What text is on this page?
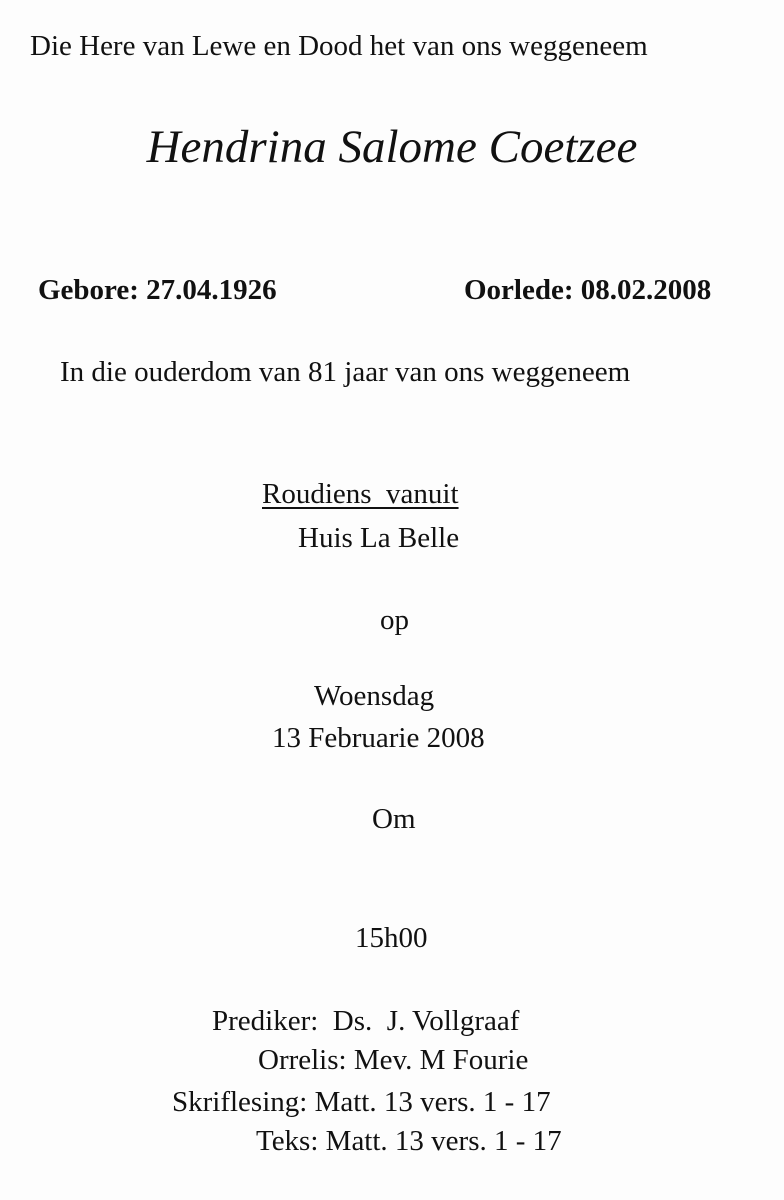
Die Here van Lewe en Dood het van ons weggeneem
Hendrina Salome Coetzee
Gebore: 27.04.1926	Oorlede: 08.02.2008
In die ouderdom van 81 jaar van ons weggeneem
Roudiens  vanuit
Huis La Belle
op
Woensdag
13 Februarie 2008
Om
15h00
Prediker:  Ds.  J. Vollgraaf
Orrelis: Mev. M Fourie
Skriflesing: Matt. 13 vers. 1 - 17
Teks: Matt. 13 vers. 1 - 17
